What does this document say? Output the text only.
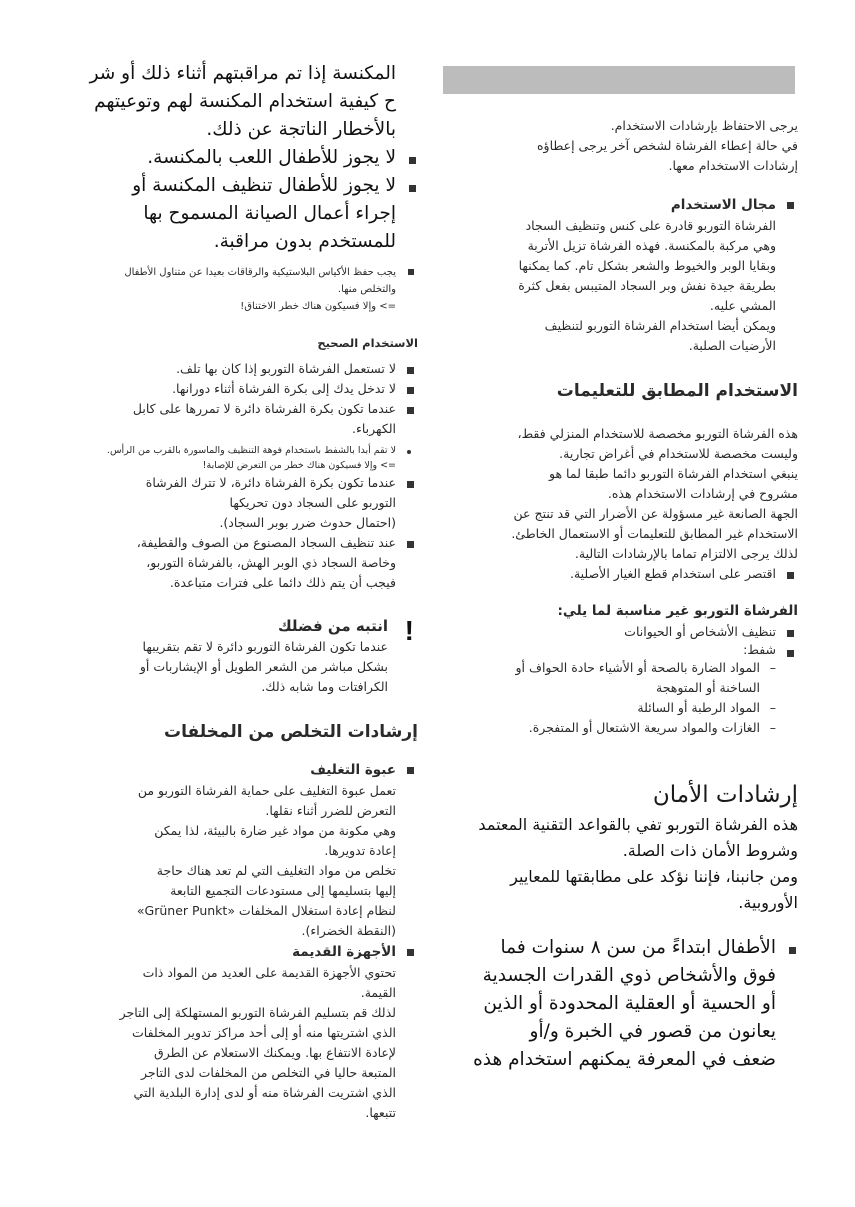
يرجى الاحتفاظ بإرشادات الاستخدام.
في حالة إعطاء الفرشاة لشخص آخر يرجى إعطاؤه
إرشادات الاستخدام معها.
مجال الاستخدام
الفرشاة التوربو قادرة على كنس وتنظيف السجاد
وهي مركبة بالمكنسة. فهذه الفرشاة تزيل الأتربة
وبقايا الوبر والخيوط والشعر بشكل تام. كما يمكنها
بطريقة جيدة نفش وبر السجاد المتيبس بفعل كثرة
المشي عليه.
ويمكن أيضا استخدام الفرشاة التوربو لتنظيف
الأرضيات الصلبة.
الاستخدام المطابق للتعليمات
هذه الفرشاة التوربو مخصصة للاستخدام المنزلي فقط،
وليست مخصصة للاستخدام في أغراض تجارية.
ينبغي استخدام الفرشاة التوربو دائما طبقا لما هو
مشروح في إرشادات الاستخدام هذه.
الجهة الصانعة غير مسؤولة عن الأضرار التي قد تنتج عن
الاستخدام غير المطابق للتعليمات أو الاستعمال الخاطئ.
لذلك يرجى الالتزام تماما بالإرشادات التالية.
اقتصر على استخدام قطع الغيار الأصلية.
الفرشاة التوربو غير مناسبة لما يلي:
تنظيف الأشخاص أو الحيوانات
شفط:
– المواد الضارة بالصحة أو الأشياء حادة الحواف أو
الساخنة أو المتوهجة
– المواد الرطبة أو السائلة
– الغازات والمواد سريعة الاشتعال أو المتفجرة.
إرشادات الأمان
هذه الفرشاة التوربو تفي بالقواعد التقنية المعتمد
وشروط الأمان ذات الصلة.
ومن جانبنا، فإننا نؤكد على مطابقتها للمعايير
الأوروبية.
الأطفال ابتداءً من سن ٨ سنوات فما
فوق والأشخاص ذوي القدرات الجسدية
أو الحسية أو العقلية المحدودة أو الذين
يعانون من قصور في الخبرة و/أو
ضعف في المعرفة يمكنهم استخدام هذه
المكنسة إذا تم مراقبتهم أثناء ذلك أو شر
ح كيفية استخدام المكنسة لهم وتوعيتهم
بالأخطار الناتجة عن ذلك.
لا يجوز للأطفال اللعب بالمكنسة.
لا يجوز للأطفال تنظيف المكنسة أو
إجراء أعمال الصيانة المسموح بها
للمستخدم بدون مراقبة.
يجب حفظ الأكياس البلاستيكية والرقاقات بعيدا عن متناول الأطفال
والتخلص منها.
=> وإلا فسيكون هناك خطر الاختناق!
الاستخدام الصحيح
لا تستعمل الفرشاة التوربو إذا كان بها تلف.
لا تدخل يدك إلى بكرة الفرشاة أثناء دورانها.
عندما تكون بكرة الفرشاة دائرة لا تمررها على كابل
الكهرباء.
لا تقم أبدا بالشفط باستخدام فوهة التنظيف والماسورة بالقرب من الرأس.
=> وإلا فسيكون هناك خطر من التعرض للإصابة!
عندما تكون بكرة الفرشاة دائرة، لا تترك الفرشاة
التوربو على السجاد دون تحريكها
(احتمال حدوث ضرر بوبر السجاد).
عند تنظيف السجاد المصنوع من الصوف والقطيفة،
وخاصة السجاد ذي الوبر الهش، بالفرشاة التوربو،
فيجب أن يتم ذلك دائما على فترات متباعدة.
!
انتبه من فضلك
عندما تكون الفرشاة التوربو دائرة لا تقم بتقريبها
بشكل مباشر من الشعر الطويل أو الإيشاربات أو
الكرافتات وما شابه ذلك.
إرشادات التخلص من المخلفات
عبوة التغليف
تعمل عبوة التغليف على حماية الفرشاة التوربو من
التعرض للضرر أثناء نقلها.
وهي مكونة من مواد غير ضارة بالبيئة، لذا يمكن
إعادة تدويرها.
تخلص من مواد التغليف التي لم تعد هناك حاجة
إليها بتسليمها إلى مستودعات التجميع التابعة
لنظام إعادة استغلال المخلفات «Grüner Punkt»
(النقطة الخضراء).
الأجهزة القديمة
تحتوي الأجهزة القديمة على العديد من المواد ذات
القيمة.
لذلك قم بتسليم الفرشاة التوربو المستهلكة إلى التاجر
الذي اشتريتها منه أو إلى أحد مراكز تدوير المخلفات
لإعادة الانتفاع بها. ويمكنك الاستعلام عن الطرق
المتبعة حاليا في التخلص من المخلفات لدى التاجر
الذي اشتريت الفرشاة منه أو لدى إدارة البلدية التي
تتبعها.
